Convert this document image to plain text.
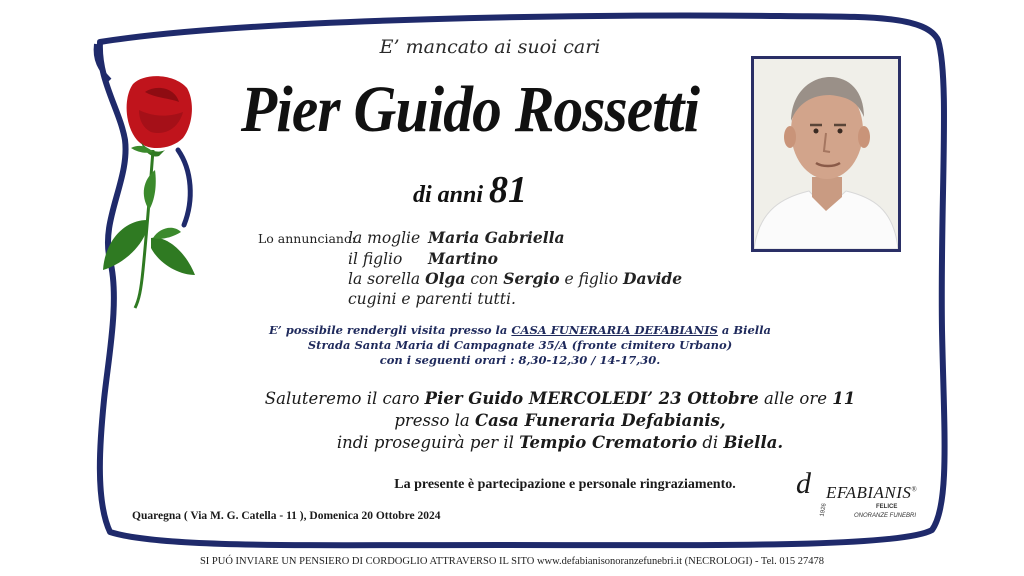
E’ mancato ai suoi cari
Pier Guido Rossetti
di anni 81
Lo annunciano:la moglie Maria Gabriella
il figlio Martino
la sorella Olga con Sergio e figlio Davide
cugini e parenti tutti.
E’ possibile rendergli visita presso la CASA FUNERARIA DEFABIANIS a Biella
Strada Santa Maria di Campagnate 35/A (fronte cimitero Urbano)
con i seguenti orari : 8,30-12,30 / 14-17,30.
Saluteremo il caro Pier Guido MERCOLEDI’ 23 Ottobre alle ore 11
presso la Casa Funeraria Defabianis,
indi proseguirà per il Tempio Crematorio di Biella.
La presente è partecipazione e personale ringraziamento.
Quaregna ( Via M. G. Catella - 11 ), Domenica 20 Ottobre 2024
d EFABIANIS®
FELICE
ONORANZE FUNEBRI
1926
SI PUÓ INVIARE UN PENSIERO DI CORDOGLIO ATTRAVERSO IL SITO www.defabianisonoranzefunebri.it (NECROLOGI) - Tel. 015 27478
